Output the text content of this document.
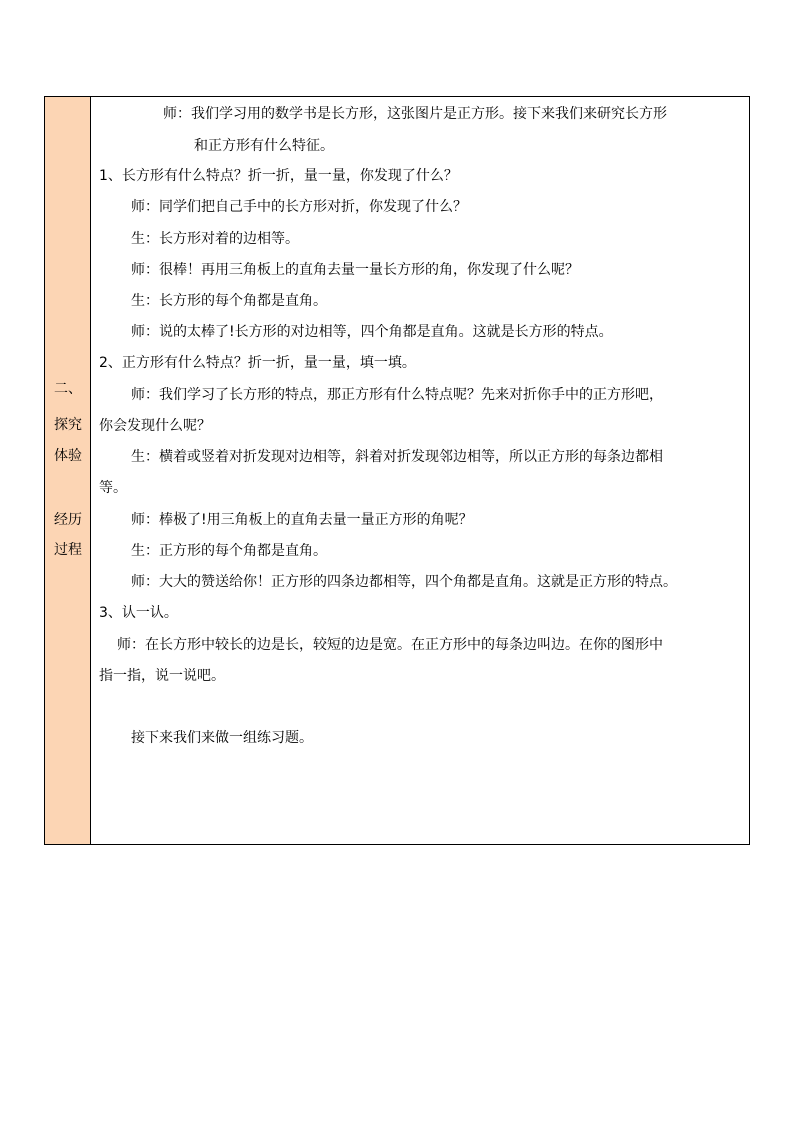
二、
探究
体验
经历
过程
师：我们学习用的数学书是长方形，这张图片是正方形。接下来我们来研究长方形
和正方形有什么特征。
1、长方形有什么特点？折一折，量一量，你发现了什么？
师：同学们把自己手中的长方形对折，你发现了什么？
生：长方形对着的边相等。
师：很棒！再用三角板上的直角去量一量长方形的角，你发现了什么呢？
生：长方形的每个角都是直角。
师：说的太棒了!长方形的对边相等，四个角都是直角。这就是长方形的特点。
2、正方形有什么特点？折一折，量一量，填一填。
师：我们学习了长方形的特点，那正方形有什么特点呢？先来对折你手中的正方形吧，
你会发现什么呢？
生：横着或竖着对折发现对边相等，斜着对折发现邻边相等，所以正方形的每条边都相
等。
师：棒极了!用三角板上的直角去量一量正方形的角呢？
生：正方形的每个角都是直角。
师：大大的赞送给你！正方形的四条边都相等，四个角都是直角。这就是正方形的特点。
3、认一认。
师：在长方形中较长的边是长，较短的边是宽。在正方形中的每条边叫边。在你的图形中
指一指，说一说吧。
接下来我们来做一组练习题。
